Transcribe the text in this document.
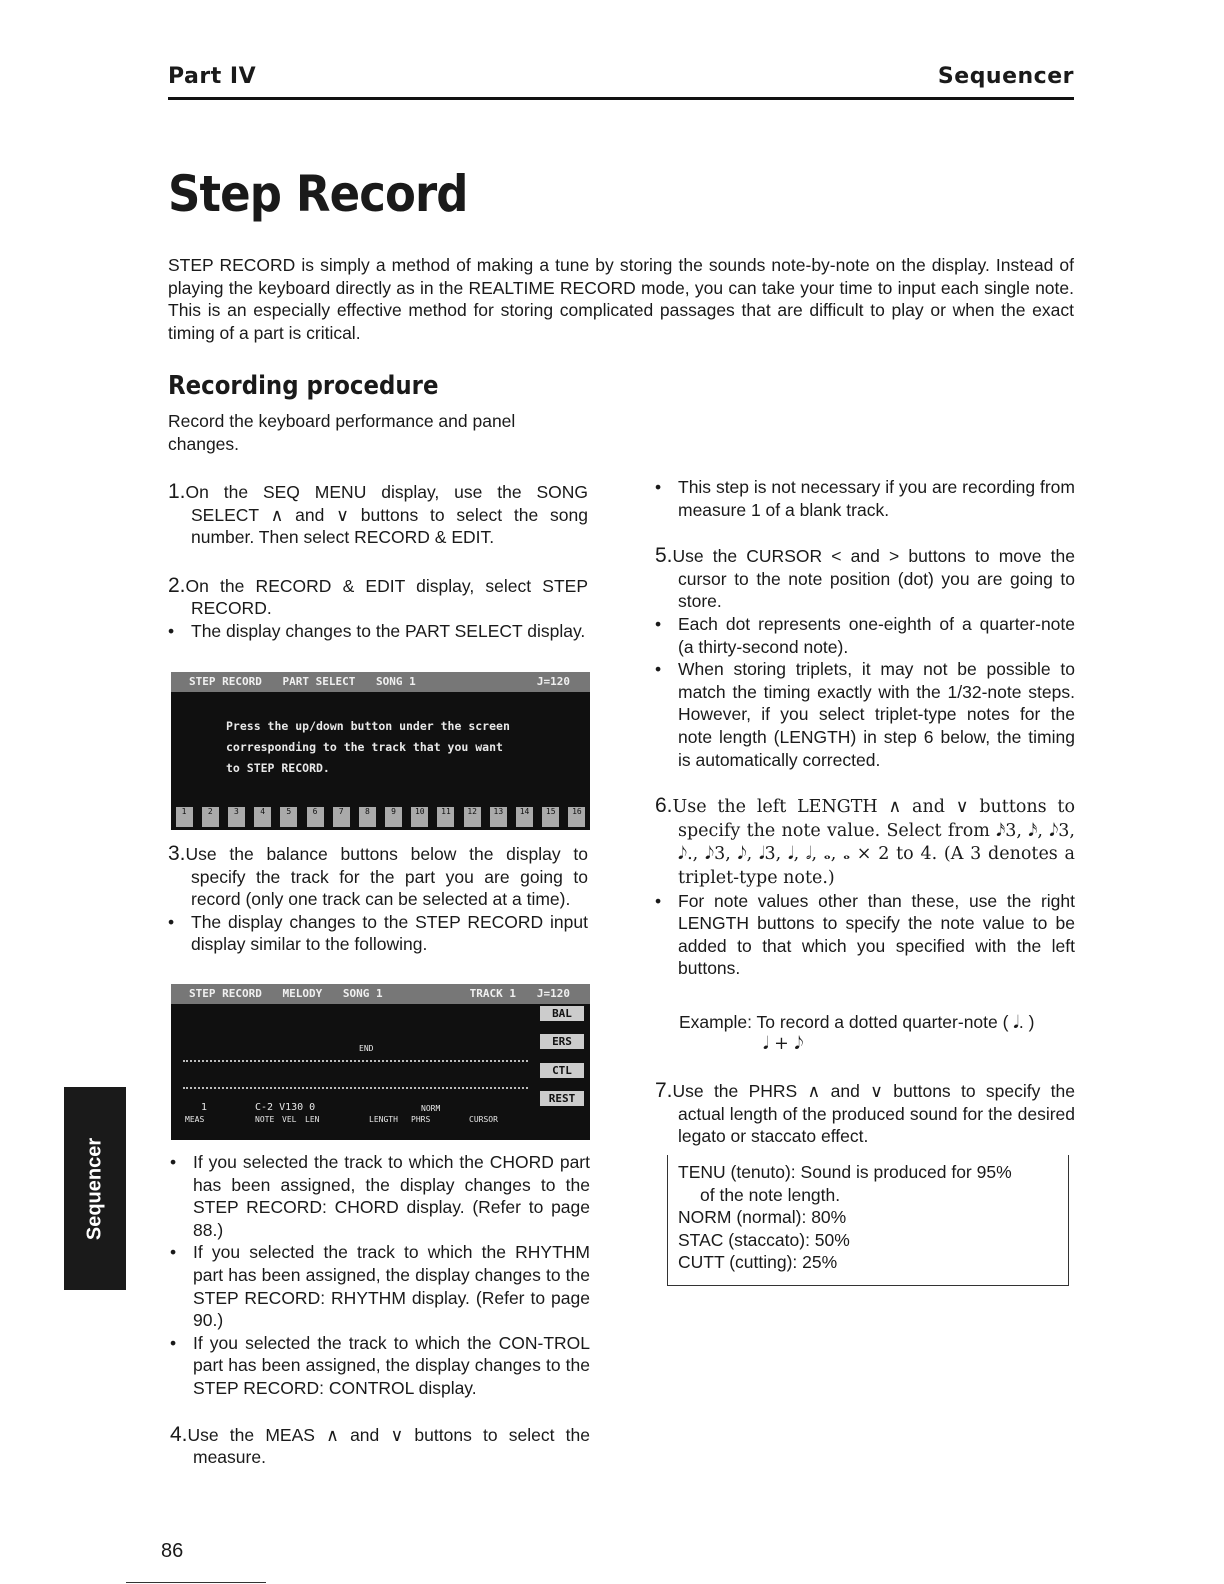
Part IV	Sequencer
Step Record
STEP RECORD is simply a method of making a tune by storing the sounds note-by-note on the display. Instead of playing the keyboard directly as in the REALTIME RECORD mode, you can take your time to input each single note. This is an especially effective method for storing complicated passages that are difficult to play or when the exact timing of a part is critical.
Recording procedure
Record the keyboard performance and panel changes.
1.On the SEQ MENU display, use the SONG SELECT ∧ and ∨ buttons to select the song number. Then select RECORD & EDIT.
2.On the RECORD & EDIT display, select STEP RECORD.
• The display changes to the PART SELECT display.
STEP RECORD PART SELECT SONG 1	J=120
Press the up/down button under the screen
corresponding to the track that you want
to STEP RECORD.
1	2	3	4	5	6	7	8	9	10	11	12	13	14	15	16
3.Use the balance buttons below the display to specify the track for the part you are going to record (only one track can be selected at a time).
• The display changes to the STEP RECORD input display similar to the following.
STEP RECORD MELODY SONG 1	TRACK 1 J=120
BAL
ERS
CTL
REST
END
1	C-2 V130 0	NORM
MEAS	NOTE VEL LEN	LENGTH PHRS	CURSOR
• If you selected the track to which the CHORD part has been assigned, the display changes to the STEP RECORD: CHORD display. (Refer to page 88.)
• If you selected the track to which the RHYTHM part has been assigned, the display changes to the STEP RECORD: RHYTHM display. (Refer to page 90.)
• If you selected the track to which the CON-TROL part has been assigned, the display changes to the STEP RECORD: CONTROL display.
4.Use the MEAS ∧ and ∨ buttons to select the measure.
• This step is not necessary if you are recording from measure 1 of a blank track.
5.Use the CURSOR < and > buttons to move the cursor to the note position (dot) you are going to store.
• Each dot represents one-eighth of a quarter-note (a thirty-second note).
• When storing triplets, it may not be possible to match the timing exactly with the 1/32-note steps. However, if you select triplet-type notes for the note length (LENGTH) in step 6 below, the timing is automatically corrected.
6.Use the left LENGTH ∧ and ∨ buttons to specify the note value. Select from 𝅘𝅥𝅯3, 𝅘𝅥𝅯, 𝅘𝅥𝅮3, 𝅘𝅥𝅮., 𝅘𝅥𝅮3, 𝅘𝅥𝅮, 𝅘𝅥3, 𝅘𝅥, 𝅗𝅥, 𝅝, 𝅝 × 2 to 4. (A 3 denotes a triplet-type note.)
• For note values other than these, use the right LENGTH buttons to specify the note value to be added to that which you specified with the left buttons.
Example: To record a dotted quarter-note ( 𝅘𝅥. )
𝅘𝅥 + 𝅘𝅥𝅮
7.Use the PHRS ∧ and ∨ buttons to specify the actual length of the produced sound for the desired legato or staccato effect.
TENU (tenuto): Sound is produced for 95%
of the note length.
NORM (normal): 80%
STAC (staccato): 50%
CUTT (cutting): 25%
Sequencer
86
